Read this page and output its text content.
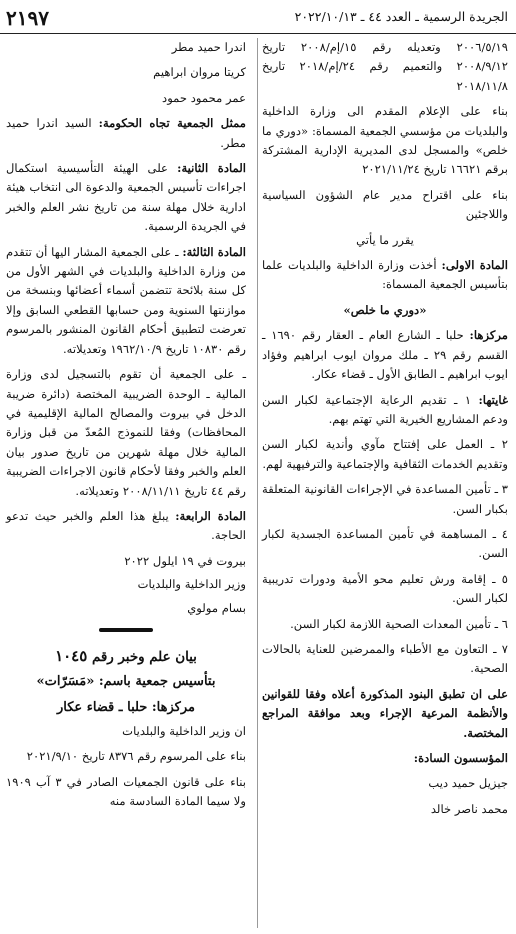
٢١٩٧	الجريدة الرسمية ـ العدد ٤٤ ـ ٢٠٢٢/١٠/١٣

٢٠٠٦/٥/١٩ وتعديله رقم ١٥/إم/٢٠٠٨ تاريخ ٢٠٠٨/٩/١٢ والتعميم رقم ٢٤/إم/٢٠١٨ تاريخ ٢٠١٨/١١/٨

بناء على الإعلام المقدم الى وزارة الداخلية والبلديات من مؤسسي الجمعية المسماة: «دوري ما خلص» والمسجل لدى المديرية الإدارية المشتركة برقم ١٦٦٢١ تاريخ ٢٠٢١/١١/٢٤

بناء على اقتراح مدير عام الشؤون السياسية واللاجئين

يقرر ما يأتي

المادة الاولى: أخذت وزارة الداخلية والبلديات علما بتأسيس الجمعية المسماة:

«دوري ما خلص»

مركزها: حلبا ـ الشارع العام ـ العقار رقم ١٦٩٠ ـ القسم رقم ٢٩ ـ ملك مروان ايوب ابراهيم وفؤاد ايوب ابراهيم ـ الطابق الأول ـ قضاء عكار.

غايتها: ١ ـ تقديم الرعاية الإجتماعية لكبار السن ودعم المشاريع الخيرية التي تهتم بهم.

٢ ـ العمل على إفتتاح مآوي وأندية لكبار السن وتقديم الخدمات الثقافية والإجتماعية والترفيهية لهم.

٣ ـ تأمين المساعدة في الإجراءات القانونية المتعلقة بكبار السن.

٤ ـ المساهمة في تأمين المساعدة الجسدية لكبار السن.

٥ ـ إقامة ورش تعليم محو الأمية ودورات تدريبية لكبار السن.

٦ ـ تأمين المعدات الصحية اللازمة لكبار السن.

٧ ـ التعاون مع الأطباء والممرضين للعناية بالحالات الصحية.

على ان تطبق البنود المذكورة أعلاه وفقا للقوانين والأنظمة المرعية الإجراء وبعد موافقة المراجع المختصة.

المؤسسون السادة:

جيزيل حميد ديب

محمد ناصر خالد

اندرا حميد مطر

كريتا مروان ابراهيم

عمر محمود حمود

ممثل الجمعية تجاه الحكومة: السيد اندرا حميد مطر.

المادة الثانية: على الهيئة التأسيسية استكمال اجراءات تأسيس الجمعية والدعوة الى انتخاب هيئة ادارية خلال مهلة سنة من تاريخ نشر العلم والخبر في الجريدة الرسمية.

المادة الثالثة: ـ على الجمعية المشار اليها أن تتقدم من وزارة الداخلية والبلديات في الشهر الأول من كل سنة بلائحة تتضمن أسماء أعضائها وبنسخة من موازنتها السنوية ومن حسابها القطعي السابق وإلا تعرضت لتطبيق أحكام القانون المنشور بالمرسوم رقم ١٠٨٣٠ تاريخ ١٩٦٢/١٠/٩ وتعديلاته.

ـ على الجمعية أن تقوم بالتسجيل لدى وزارة المالية ـ الوحدة الضريبية المختصة (دائرة ضريبة الدخل في بيروت والمصالح المالية الإقليمية في المحافظات) وفقا للنموذج المُعدّ من قبل وزارة المالية خلال مهلة شهرين من تاريخ صدور بيان العلم والخبر وفقا لأحكام قانون الاجراءات الضريبية رقم ٤٤ تاريخ ٢٠٠٨/١١/١١ وتعديلاته.

المادة الرابعة: يبلغ هذا العلم والخبر حيث تدعو الحاجة.

بيروت في ١٩ ايلول ٢٠٢٢

وزير الداخلية والبلديات

بسام مولوي

بيان علم وخبر رقم ١٠٤٥

بتأسيس جمعية باسم: «مَسَرّات»

مركزها: حلبا ـ قضاء عكار

ان وزير الداخلية والبلديات

بناء على المرسوم رقم ٨٣٧٦ تاريخ ٢٠٢١/٩/١٠

بناء على قانون الجمعيات الصادر في ٣ آب ١٩٠٩ ولا سيما المادة السادسة منه
